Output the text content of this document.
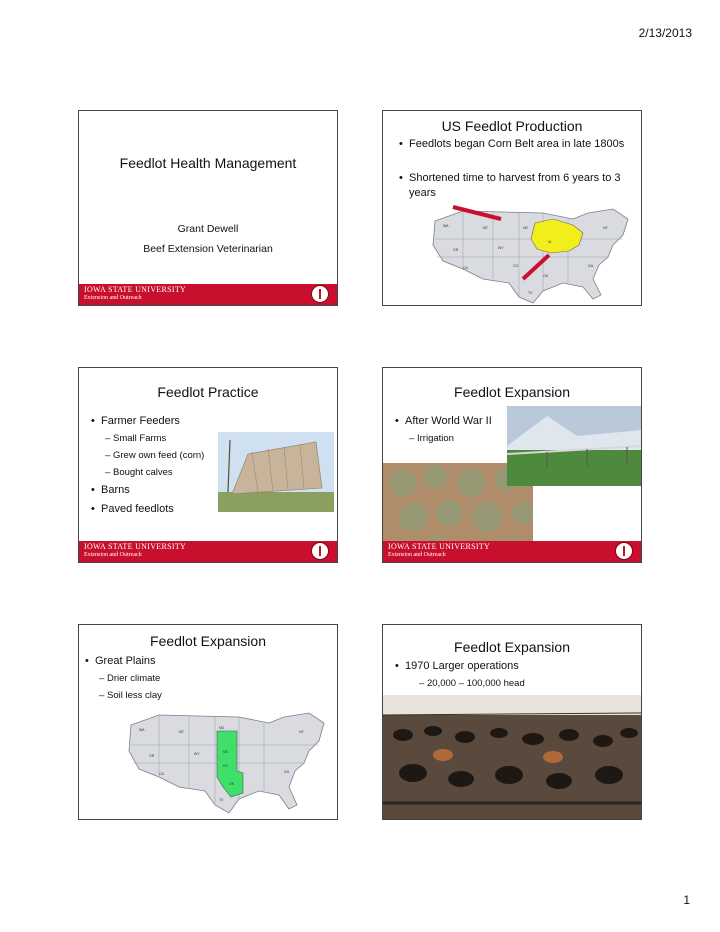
2/13/2013
Feedlot Health Management
Grant Dewell
Beef Extension Veterinarian
IOWA STATE UNIVERSITY
Extension and Outreach
US Feedlot Production
• Feedlots began Corn Belt area in late 1800s
• Shortened time to harvest from 6 years to 3 years
WA	MT	ND
OR	WY
IA
CA	CO
OK
TX
GA
NY
Feedlot Practice
• Farmer Feeders
– Small Farms
– Grew own feed (corn)
– Bought calves
• Barns
• Paved feedlots
IOWA STATE UNIVERSITY
Extension and Outreach
Feedlot Expansion
• After World War II
– Irrigation
IOWA STATE UNIVERSITY
Extension and Outreach
Feedlot Expansion
• Great Plains
– Drier climate
– Soil less clay
WA	MT
ND
OR	WY	NE
CA
KS
OK
TX
GA
NY
Feedlot Expansion
• 1970 Larger operations
– 20,000 – 100,000 head
1
